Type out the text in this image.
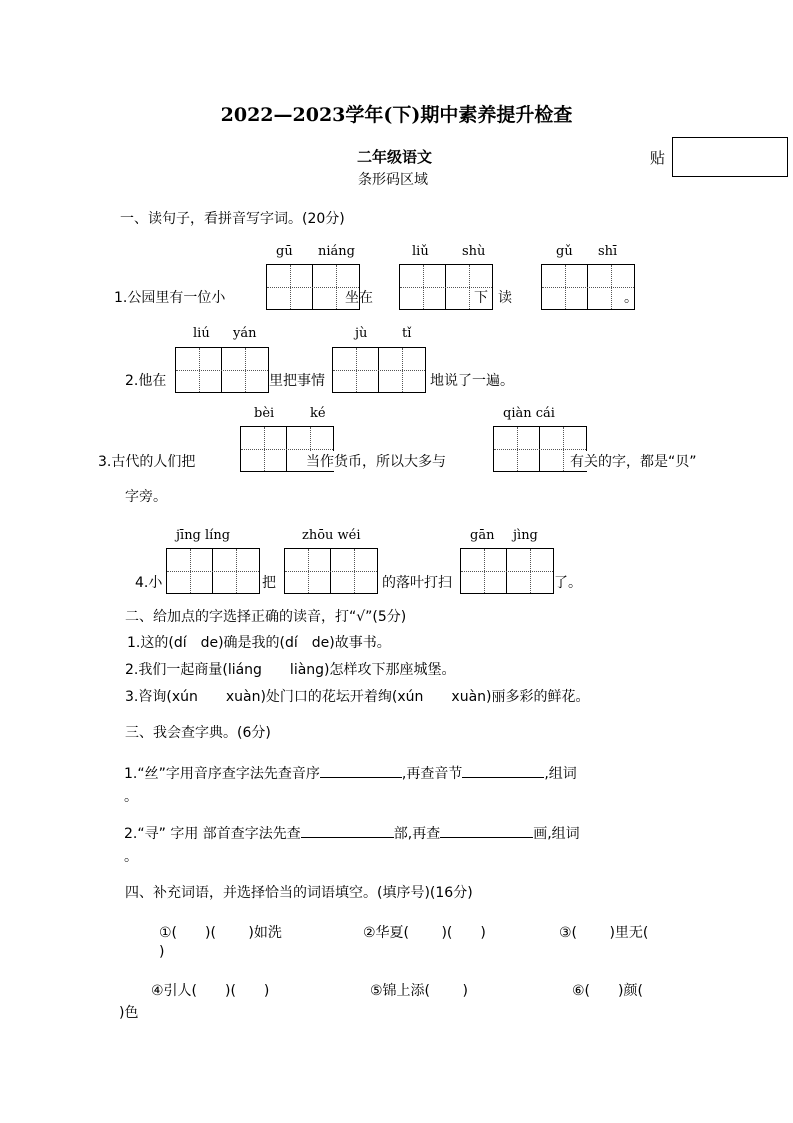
2022—2023学年(下)期中素养提升检查
二年级语文
条形码区域
贴
一、读句子，看拼音写字词。(20分)
gū niáng	liǔ	shù	gǔ shī
1.公园里有一位小	坐在	下 读	。
liú yán	jù	tǐ
2.他在	里把事情	地说了一遍。
bèi	ké	qiàn cái
3.古代的人们把	当作货币，所以大多与	有关的字，都是“贝”
字旁。
jīng líng	zhōu wéi	gān jìng
4.小	把	的落叶打扫	了。
二、给加点的字选择正确的读音，打“√”(5分)
1.这的(dí　de)确是我的(dí　de)故事书。
2.我们一起商量(liáng　　liàng)怎样攻下那座城堡。
3.咨询(xún　　xuàn)处门口的花坛开着绚(xún　　xuàn)丽多彩的鲜花。
三、我会查字典。(6分)
1.“丝”字用音序查字法先查音序	,再查音节	,组词
。
2.“寻” 字用 部首查字法先查	部,再查	画,组词
。
四、补充词语，并选择恰当的词语填空。(填序号)(16分)
①(　　)(　　 )如洗	②华夏(　　 )(　　)	③(　　 )里无(
)
④引人(　　)(　　)	⑤锦上添(　　 )	⑥(　　)颜(
)色
